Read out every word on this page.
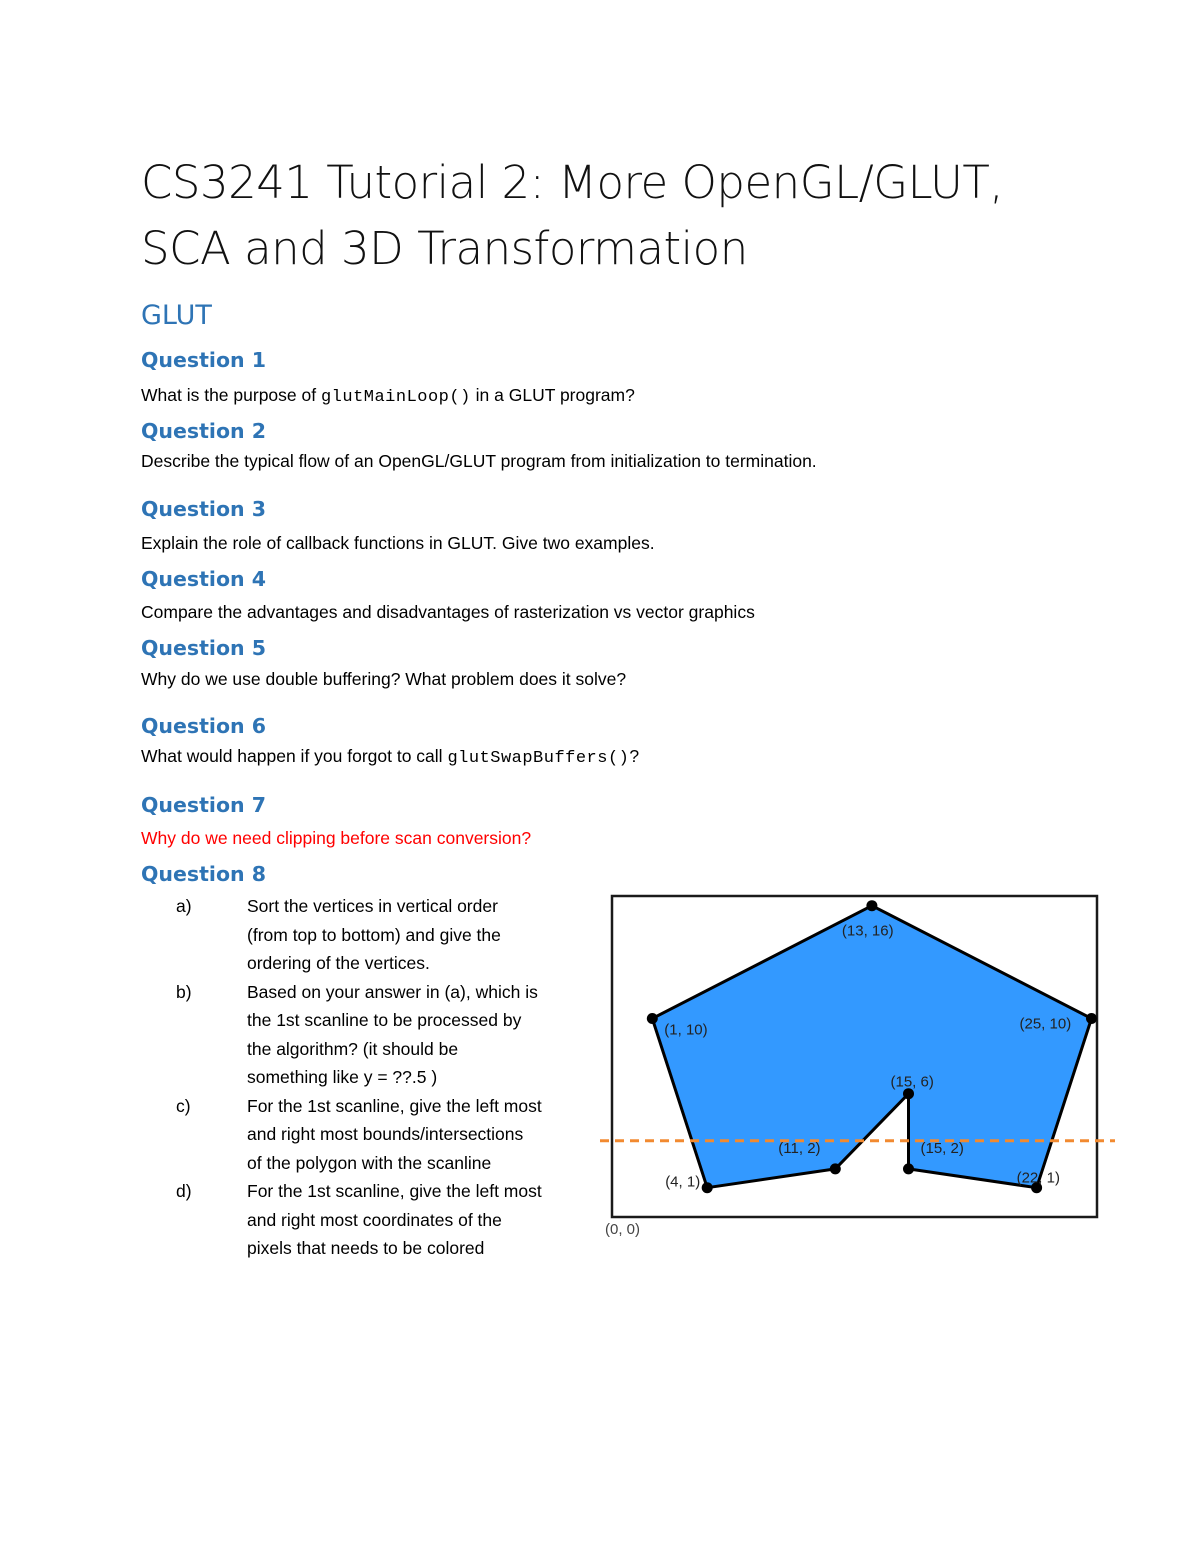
CS3241 Tutorial 2: More OpenGL/GLUT,
SCA and 3D Transformation
GLUT
Question 1

What is the purpose of glutMainLoop() in a GLUT program?

Question 2

Describe the typical flow of an OpenGL/GLUT program from initialization to termination.

Question 3

Explain the role of callback functions in GLUT. Give two examples.

Question 4

Compare the advantages and disadvantages of rasterization vs vector graphics

Question 5

Why do we use double buffering? What problem does it solve?

Question 6

What would happen if you forgot to call glutSwapBuffers()?

Question 7

Why do we need clipping before scan conversion?

Question 8
a)	Sort the vertices in vertical order
(from top to bottom) and give the
ordering of the vertices.
b)	Based on your answer in (a), which is
the 1st scanline to be processed by
the algorithm? (it should be
something like y = ??.5 )
c)	For the 1st scanline, give the left most
and right most bounds/intersections
of the polygon with the scanline
d)	For the 1st scanline, give the left most
and right most coordinates of the
pixels that needs to be colored
(13, 16)
(25, 10)
(22, 1)
(15, 2)
(15, 6)
(11, 2)
(4, 1)
(1, 10)
(0, 0)
